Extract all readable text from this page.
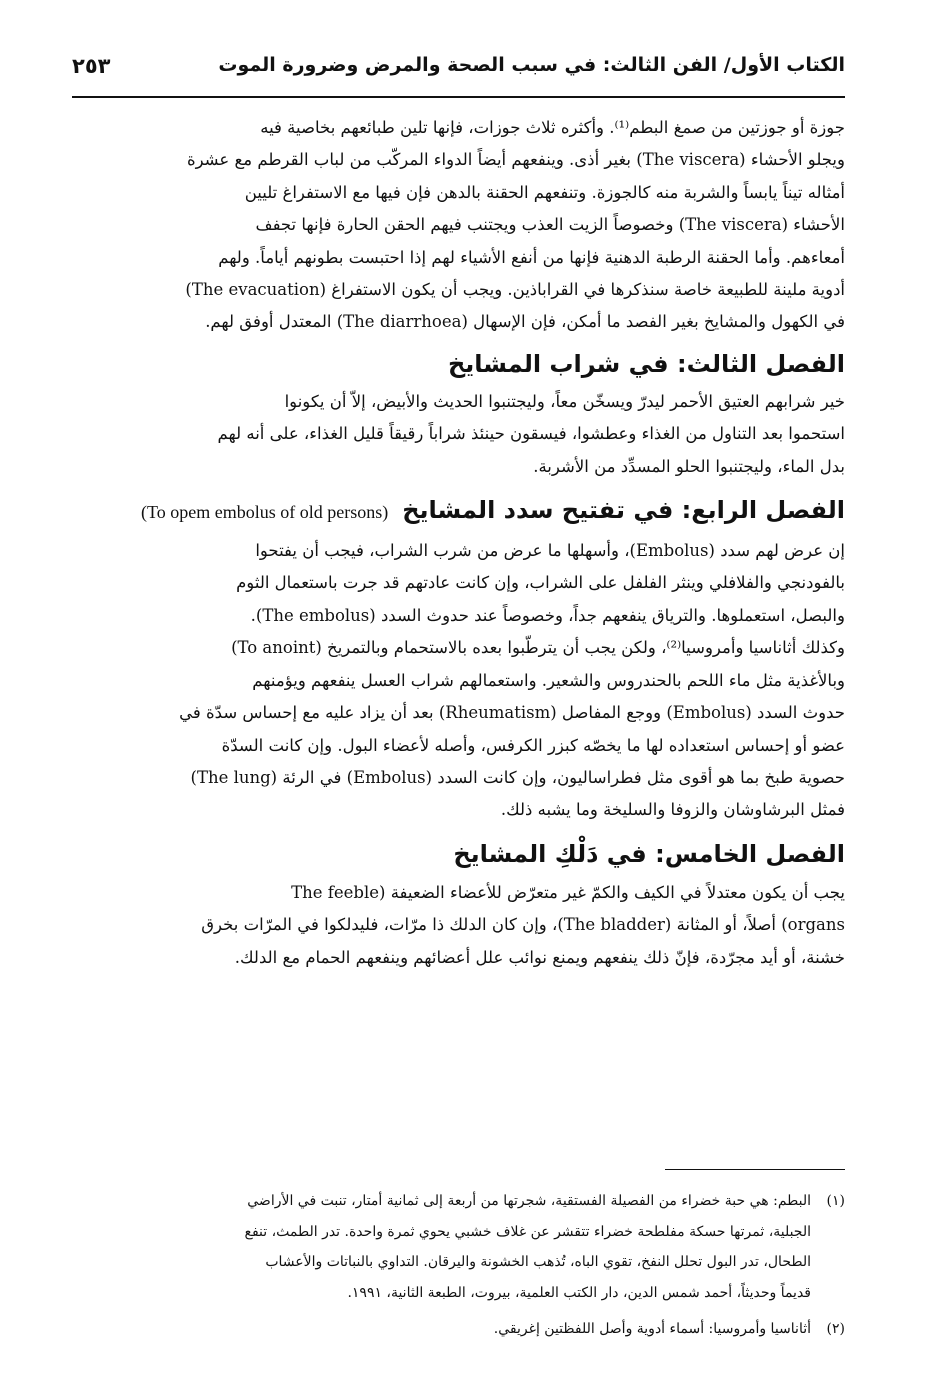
الكتاب الأول/ الفن الثالث: في سبب الصحة والمرض وضرورة الموت
٢٥٣

جوزة أو جوزتين من صمغ البطم⁽¹⁾. وأكثره ثلاث جوزات، فإنها تلين طبائعهم بخاصية فيه
ويجلو الأحشاء (The viscera) بغير أذى. وينفعهم أيضاً الدواء المركّب من لباب القرطم مع عشرة
أمثاله تيناً يابساً والشربة منه كالجوزة. وتنفعهم الحقنة بالدهن فإن فيها مع الاستفراغ تليين
الأحشاء (The viscera) وخصوصاً الزيت العذب ويجتنب فيهم الحقن الحارة فإنها تجفف
أمعاءهم. وأما الحقنة الرطبة الدهنية فإنها من أنفع الأشياء لهم إذا احتبست بطونهم أياماً. ولهم
أدوية ملينة للطبيعة خاصة سنذكرها في القراباذين. ويجب أن يكون الاستفراغ (The evacuation)
في الكهول والمشايخ بغير الفصد ما أمكن، فإن الإسهال (The diarrhoea) المعتدل أوفق لهم.

الفصل الثالث: في شراب المشايخ

خير شرابهم العتيق الأحمر ليدرّ ويسخّن معاً، وليجتنبوا الحديث والأبيض، إلاّ أن يكونوا
استحموا بعد التناول من الغذاء وعطشوا، فيسقون حينئذ شراباً رقيقاً قليل الغذاء، على أنه لهم
بدل الماء، وليجتنبوا الحلو المسدِّد من الأشربة.

الفصل الرابع: في تفتيح سدد المشايخ(To opem embolus of old persons)

إن عرض لهم سدد (Embolus)، وأسهلها ما عرض من شرب الشراب، فيجب أن يفتحوا
بالفودنجي والفلافلي وينثر الفلفل على الشراب، وإن كانت عادتهم قد جرت باستعمال الثوم
والبصل، استعملوها. والترياق ينفعهم جداً، وخصوصاً عند حدوث السدد (The embolus).
وكذلك أثاناسيا وأمروسيا⁽²⁾، ولكن يجب أن يترطّبوا بعده بالاستحمام وبالتمريخ (To anoint)
وبالأغذية مثل ماء اللحم بالحندروس والشعير. واستعمالهم شراب العسل ينفعهم ويؤمنهم
حدوث السدد (Embolus) ووجع المفاصل (Rheumatism) بعد أن يزاد عليه مع إحساس سدّة في
عضو أو إحساس استعداده لها ما يخصّه كبزر الكرفس، وأصله لأعضاء البول. وإن كانت السدّة
حصوية طبخ بما هو أقوى مثل فطراساليون، وإن كانت السدد (Embolus) في الرئة (The lung)
فمثل البرشاوشان والزوفا والسليخة وما يشبه ذلك.

الفصل الخامس: في دَلْكِ المشايخ

يجب أن يكون معتدلاً في الكيف والكمّ غير متعرّض للأعضاء الضعيفة (The feeble
organs) أصلاً، أو المثانة (The bladder)، وإن كان الدلك ذا مرّات، فليدلكوا في المرّات بخرق
خشنة، أو أيد مجرّدة، فإنّ ذلك ينفعهم ويمنع نوائب علل أعضائهم وينفعهم الحمام مع الدلك.

(١)
البطم: هي حبة خضراء من الفصيلة الفستقية، شجرتها من أربعة إلى ثمانية أمتار، تنبت في الأراضي
الجبلية، ثمرتها حسكة مفلطحة خضراء تتقشر عن غلاف خشبي يحوي ثمرة واحدة. تدر الطمث، تنفع
الطحال، تدر البول تحلل النفخ، تقوي الباه، تُذهب الخشونة واليرقان. التداوي بالنباتات والأعشاب
قديماً وحديثاً، أحمد شمس الدين، دار الكتب العلمية، بيروت، الطبعة الثانية، ١٩٩١.
(٢)
أثاناسيا وأمروسيا: أسماء أدوية وأصل اللفظتين إغريقي.
